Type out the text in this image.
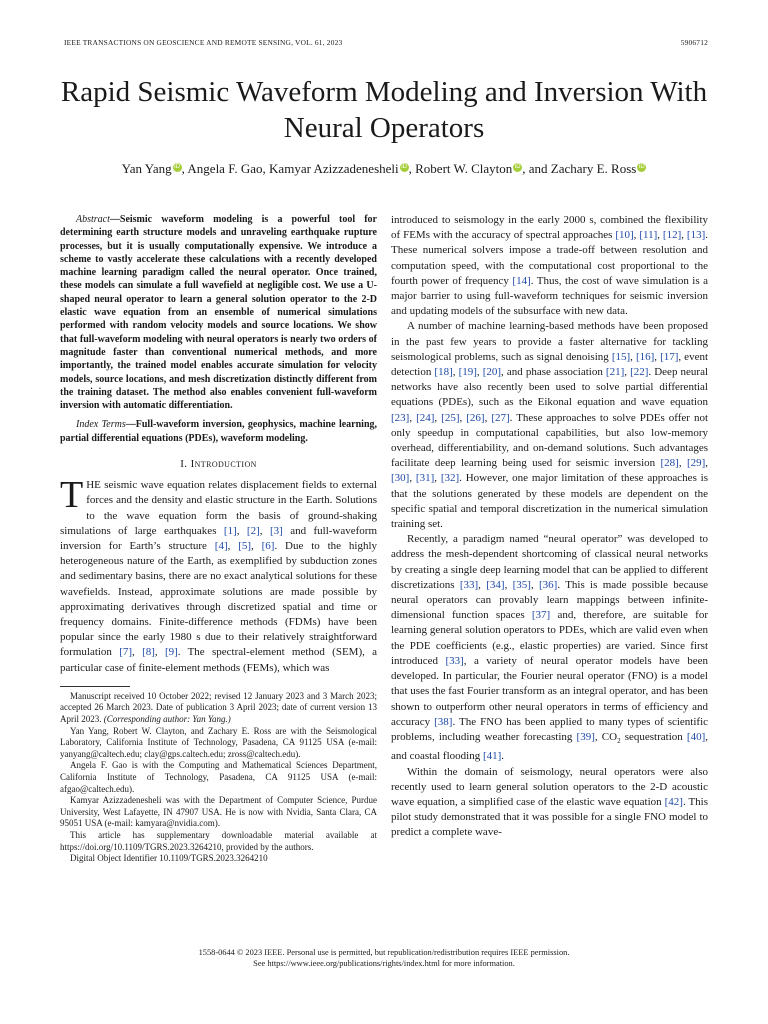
IEEE TRANSACTIONS ON GEOSCIENCE AND REMOTE SENSING, VOL. 61, 2023	5906712
Rapid Seismic Waveform Modeling and Inversion With Neural Operators
Yan Yang iD , Angela F. Gao, Kamyar Azizzadenesheli iD , Robert W. Clayton iD , and Zachary E. Ross iD

Abstract—Seismic waveform modeling is a powerful tool for determining earth structure models and unraveling earthquake rupture processes, but it is usually computationally expensive. We introduce a scheme to vastly accelerate these calculations with a recently developed machine learning paradigm called the neural operator. Once trained, these models can simulate a full wavefield at negligible cost. We use a U-shaped neural operator to learn a general solution operator to the 2-D elastic wave equation from an ensemble of numerical simulations performed with random velocity models and source locations. We show that full-waveform modeling with neural operators is nearly two orders of magnitude faster than conventional numerical methods, and more importantly, the trained model enables accurate simulation for velocity models, source locations, and mesh discretization distinctly different from the training dataset. The method also enables convenient full-waveform inversion with automatic differentiation.

Index Terms—Full-waveform inversion, geophysics, machine learning, partial differential equations (PDEs), waveform modeling.

I. Introduction

THE seismic wave equation relates displacement fields to external forces and the density and elastic structure in the Earth. Solutions to the wave equation form the basis of ground-shaking simulations of large earthquakes [1], [2], [3] and full-waveform inversion for Earth’s structure [4], [5], [6]. Due to the highly heterogeneous nature of the Earth, as exemplified by subduction zones and sedimentary basins, there are no exact analytical solutions for these wavefields. Instead, approximate solutions are made possible by approximating derivatives through discretized spatial and time or frequency domains. Finite-difference methods (FDMs) have been popular since the early 1980 s due to their relatively straightforward formulation [7], [8], [9]. The spectral-element method (SEM), a particular case of finite-element methods (FEMs), which was

Manuscript received 10 October 2022; revised 12 January 2023 and 3 March 2023; accepted 26 March 2023. Date of publication 3 April 2023; date of current version 13 April 2023. (Corresponding author: Yan Yang.)

Yan Yang, Robert W. Clayton, and Zachary E. Ross are with the Seismological Laboratory, California Institute of Technology, Pasadena, CA 91125 USA (e-mail: yanyang@caltech.edu; clay@gps.caltech.edu; zross@caltech.edu).

Angela F. Gao is with the Computing and Mathematical Sciences Department, California Institute of Technology, Pasadena, CA 91125 USA (e-mail: afgao@caltech.edu).

Kamyar Azizzadenesheli was with the Department of Computer Science, Purdue University, West Lafayette, IN 47907 USA. He is now with Nvidia, Santa Clara, CA 95051 USA (e-mail: kamyara@nvidia.com).

This article has supplementary downloadable material available at https://doi.org/10.1109/TGRS.2023.3264210, provided by the authors.

Digital Object Identifier 10.1109/TGRS.2023.3264210

introduced to seismology in the early 2000 s, combined the flexibility of FEMs with the accuracy of spectral approaches [10], [11], [12], [13]. These numerical solvers impose a trade-off between resolution and computation speed, with the computational cost proportional to the fourth power of frequency [14]. Thus, the cost of wave simulation is a major barrier to using full-waveform techniques for seismic inversion and updating models of the subsurface with new data.

A number of machine learning-based methods have been proposed in the past few years to provide a faster alternative for tackling seismological problems, such as signal denoising [15], [16], [17], event detection [18], [19], [20], and phase association [21], [22]. Deep neural networks have also recently been used to solve partial differential equations (PDEs), such as the Eikonal equation and wave equation [23], [24], [25], [26], [27]. These approaches to solve PDEs offer not only speedup in computational capabilities, but also low-memory overhead, differentiability, and on-demand solutions. Such advantages facilitate deep learning being used for seismic inversion [28], [29], [30], [31], [32]. However, one major limitation of these approaches is that the solutions generated by these models are dependent on the specific spatial and temporal discretization in the numerical simulation training set.

Recently, a paradigm named “neural operator” was developed to address the mesh-dependent shortcoming of classical neural networks by creating a single deep learning model that can be applied to different discretizations [33], [34], [35], [36]. This is made possible because neural operators can provably learn mappings between infinite-dimensional function spaces [37] and, therefore, are suitable for learning general solution operators to PDEs, which are valid even when the PDE coefficients (e.g., elastic properties) are varied. Since first introduced [33], a variety of neural operator models have been developed. In particular, the Fourier neural operator (FNO) is a model that uses the fast Fourier transform as an integral operator, and has been shown to outperform other neural operators in terms of efficiency and accuracy [38]. The FNO has been applied to many types of scientific problems, including weather forecasting [39], $CO_2$ sequestration [40], and coastal flooding [41].

Within the domain of seismology, neural operators were also recently used to learn general solution operators to the 2-D acoustic wave equation, a simplified case of the elastic wave equation [42]. This pilot study demonstrated that it was possible for a single FNO model to predict a complete wave-

1558-0644 © 2023 IEEE. Personal use is permitted, but republication/redistribution requires IEEE permission.

See https://www.ieee.org/publications/rights/index.html for more information.
